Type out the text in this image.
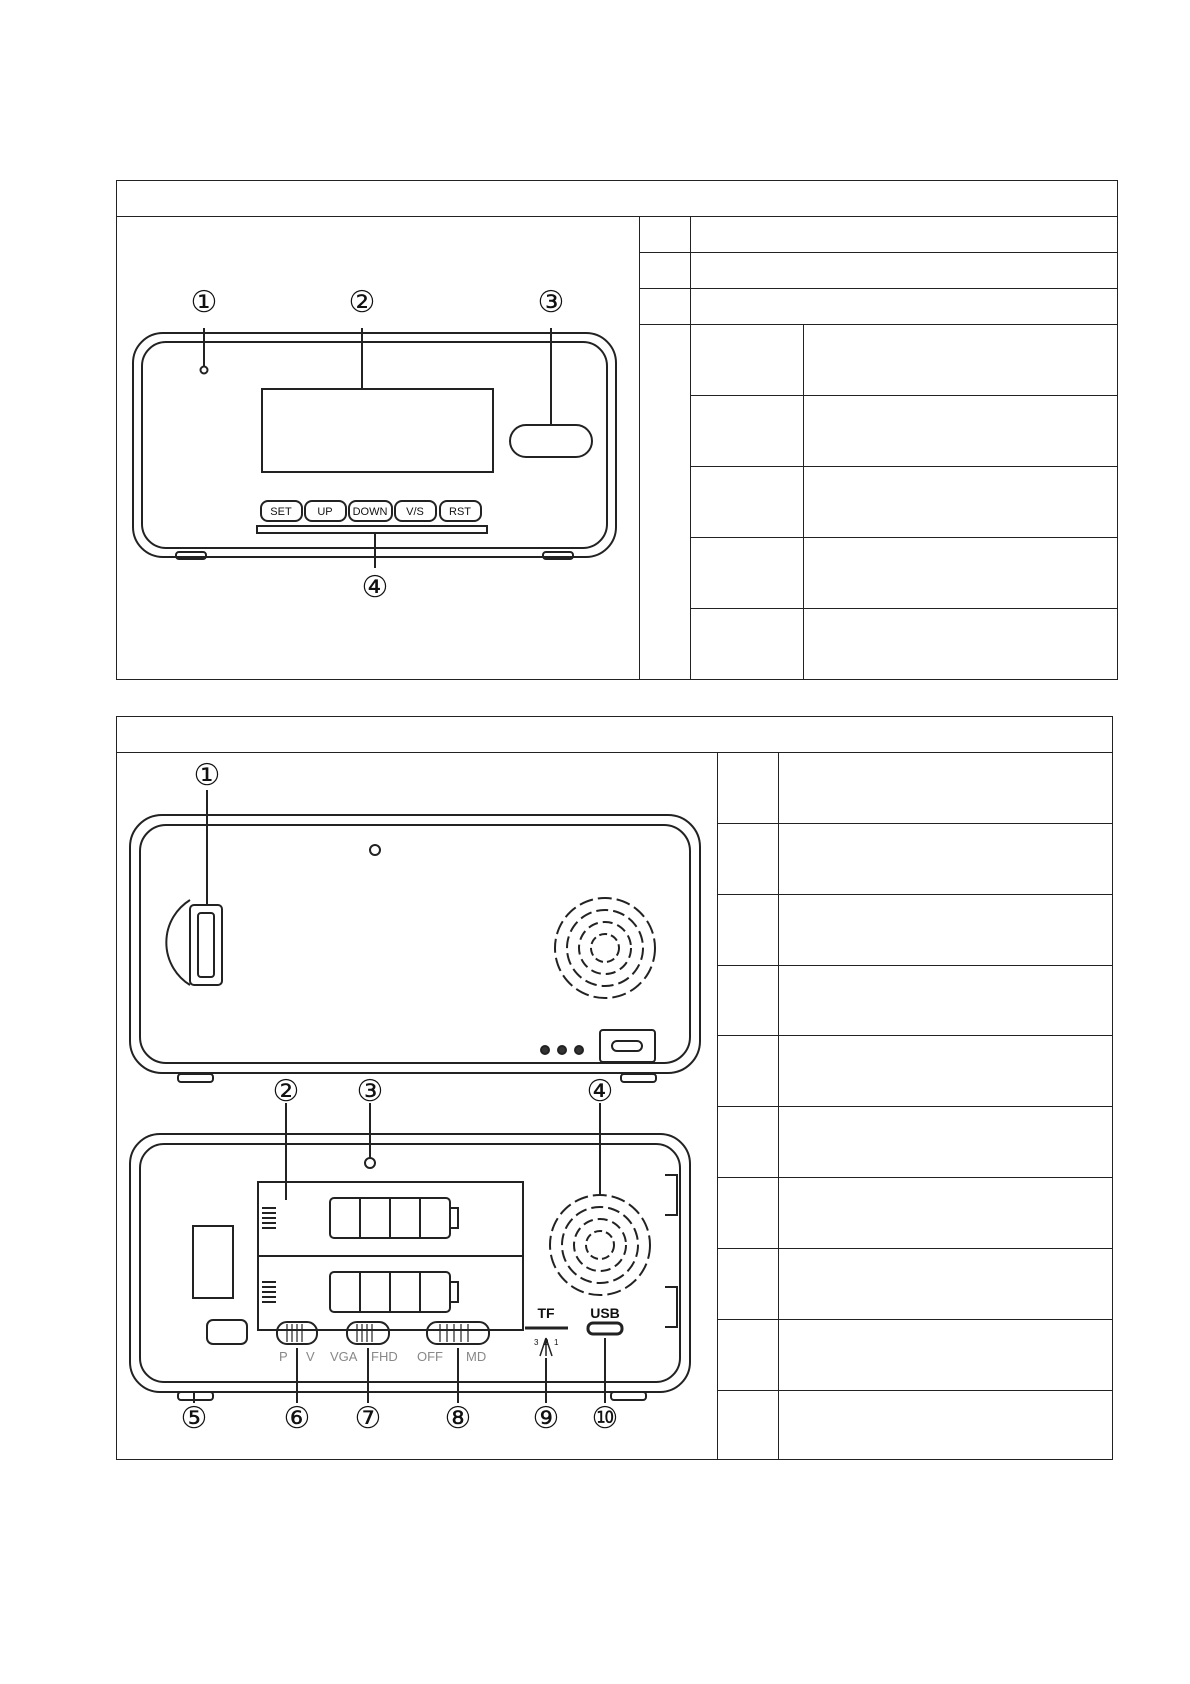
①	②	③
④
SET UP DOWN V/S RST
①
② ③	④
⑤	⑥ ⑦ ⑧ ⑨ ⑩
P V VGA FHD OFF MD
TF	USB
3 2 1
